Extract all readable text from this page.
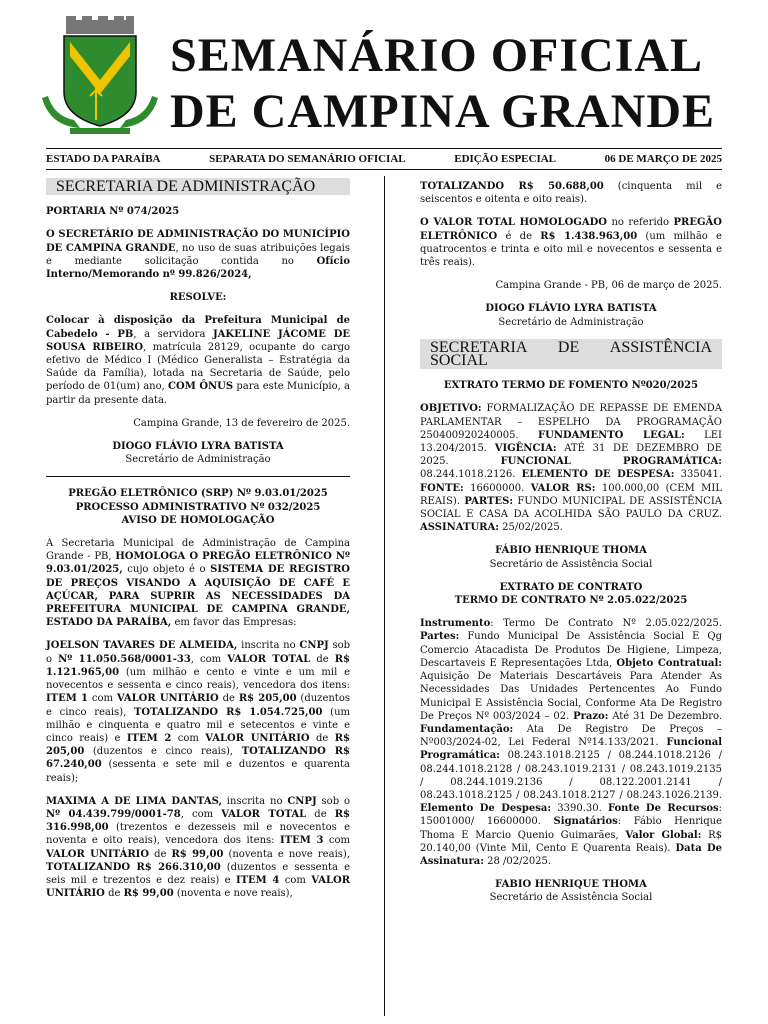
SEMANÁRIO OFICIAL
DE CAMPINA GRANDE
ESTADO DA PARAÍBA	SEPARATA DO SEMANÁRIO OFICIAL	EDIÇÃO ESPECIAL	06 DE MARÇO DE 2025
SECRETARIA DE ADMINISTRAÇÃO

PORTARIA Nº 074/2025

O SECRETÁRIO DE ADMINISTRAÇÃO DO MUNICÍPIO DE CAMPINA GRANDE, no uso de suas atribuições legais e mediante solicitação contida no Ofício Interno/Memorando nº 99.826/2024,

RESOLVE:

Colocar à disposição da Prefeitura Municipal de Cabedelo - PB, a servidora JAKELINE JÁCOME DE SOUSA RIBEIRO, matrícula 28129, ocupante do cargo efetivo de Médico I (Médico Generalista – Estratégia da Saúde da Família), lotada na Secretaria de Saúde, pelo período de 01(um) ano, COM ÔNUS para este Município, a partir da presente data.

Campina Grande, 13 de fevereiro de 2025.

DIOGO FLÁVIO LYRA BATISTA
Secretário de Administração
PREGÃO ELETRÔNICO (SRP) Nº 9.03.01/2025
PROCESSO ADMINISTRATIVO Nº 032/2025
AVISO DE HOMOLOGAÇÃO

A Secretaria Municipal de Administração de Campina Grande - PB, HOMOLOGA O PREGÃO ELETRÔNICO Nº 9.03.01/2025, cujo objeto é o SISTEMA DE REGISTRO DE PREÇOS VISANDO A AQUISIÇÃO DE CAFÉ E AÇÚCAR, PARA SUPRIR AS NECESSIDADES DA PREFEITURA MUNICIPAL DE CAMPINA GRANDE, ESTADO DA PARAÍBA, em favor das Empresas:

JOELSON TAVARES DE ALMEIDA, inscrita no CNPJ sob o Nº 11.050.568/0001-33, com VALOR TOTAL de R$ 1.121.965,00 (um milhão e cento e vinte e um mil e novecentos e sessenta e cinco reais), vencedora dos itens: ITEM 1 com VALOR UNITÁRIO de R$ 205,00 (duzentos e cinco reais), TOTALIZANDO R$ 1.054.725,00 (um milhão e cinquenta e quatro mil e setecentos e vinte e cinco reais) e ITEM 2 com VALOR UNITÁRIO de R$ 205,00 (duzentos e cinco reais), TOTALIZANDO R$ 67.240,00 (sessenta e sete mil e duzentos e quarenta reais);

MAXIMA A DE LIMA DANTAS, inscrita no CNPJ sob o Nº 04.439.799/0001-78, com VALOR TOTAL de R$ 316.998,00 (trezentos e dezesseis mil e novecentos e noventa e oito reais), vencedora dos itens: ITEM 3 com VALOR UNITÁRIO de R$ 99,00 (noventa e nove reais), TOTALIZANDO R$ 266.310,00 (duzentos e sessenta e seis mil e trezentos e dez reais) e ITEM 4 com VALOR UNITÁRIO de R$ 99,00 (noventa e nove reais),

TOTALIZANDO R$ 50.688,00 (cinquenta mil e seiscentos e oitenta e oito reais).

O VALOR TOTAL HOMOLOGADO no referido PREGÃO ELETRÔNICO é de R$ 1.438.963,00 (um milhão e quatrocentos e trinta e oito mil e novecentos e sessenta e três reais).

Campina Grande - PB, 06 de março de 2025.

DIOGO FLÁVIO LYRA BATISTA
Secretário de Administração
SECRETARIA DE ASSISTÊNCIA SOCIAL

EXTRATO TERMO DE FOMENTO Nº020/2025

OBJETIVO: FORMALIZAÇÃO DE REPASSE DE EMENDA PARLAMENTAR – ESPELHO DA PROGRAMAÇÃO 25040092024000​5. FUNDAMENTO LEGAL: LEI 13.204/2015. VIGÊNCIA: ATÉ 31 DE DEZEMBRO DE 2025. FUNCIONAL PROGRAMÁTICA: 08.244.1018.2126. ELEMENTO DE DESPESA: 335041. FONTE: 16600000. VALOR RS: 100.000,00 (CEM MIL REAIS). PARTES: FUNDO MUNICIPAL DE ASSISTÊNCIA SOCIAL E CASA DA ACOLHIDA SÃO PAULO DA CRUZ. ASSINATURA: 25/02/2025.

FÁBIO HENRIQUE THOMA
Secretário de Assistência Social
EXTRATO DE CONTRATO
TERMO DE CONTRATO Nº 2.05.022/2025

Instrumento: Termo De Contrato Nº 2.05.022/2025. Partes: Fundo Municipal De Assistência Social E Qg Comercio Atacadista De Produtos De Higiene, Limpeza, Descartaveis E Representações Ltda, Objeto Contratual: Aquisição De Materiais Descartáveis Para Atender As Necessidades Das Unidades Pertencentes Ao Fundo Municipal E Assistência Social, Conforme Ata De Registro De Preços Nº 003/2024 – 02. Prazo: Até 31 De Dezembro. Fundamentação: Ata De Registro De Preços –Nº003/2024-02, Lei Federal Nº14.133/2021. Funcional Programática: 08.243.1018.2125 / 08.244.1018.2126 / 08.244.1018.2128 / 08.243.1019.2131 / 08.243.1019.2135 / 08.244.1019.2136 / 08.122.2001.2141 / 08.243.1018.2125 / 08.243.1018.2127 / 08.243.1026.2139. Elemento De Despesa: 3390.30. Fonte De Recursos: 15001000/ 16600000. Signatários: Fábio Henrique Thoma E Marcio Quenio Guimarães, Valor Global: R$ 20.140,00 (Vinte Mil, Cento E Quarenta Reais). Data De Assinatura: 28 /02/2025.

FABIO HENRIQUE THOMA
Secretário de Assistência Social
